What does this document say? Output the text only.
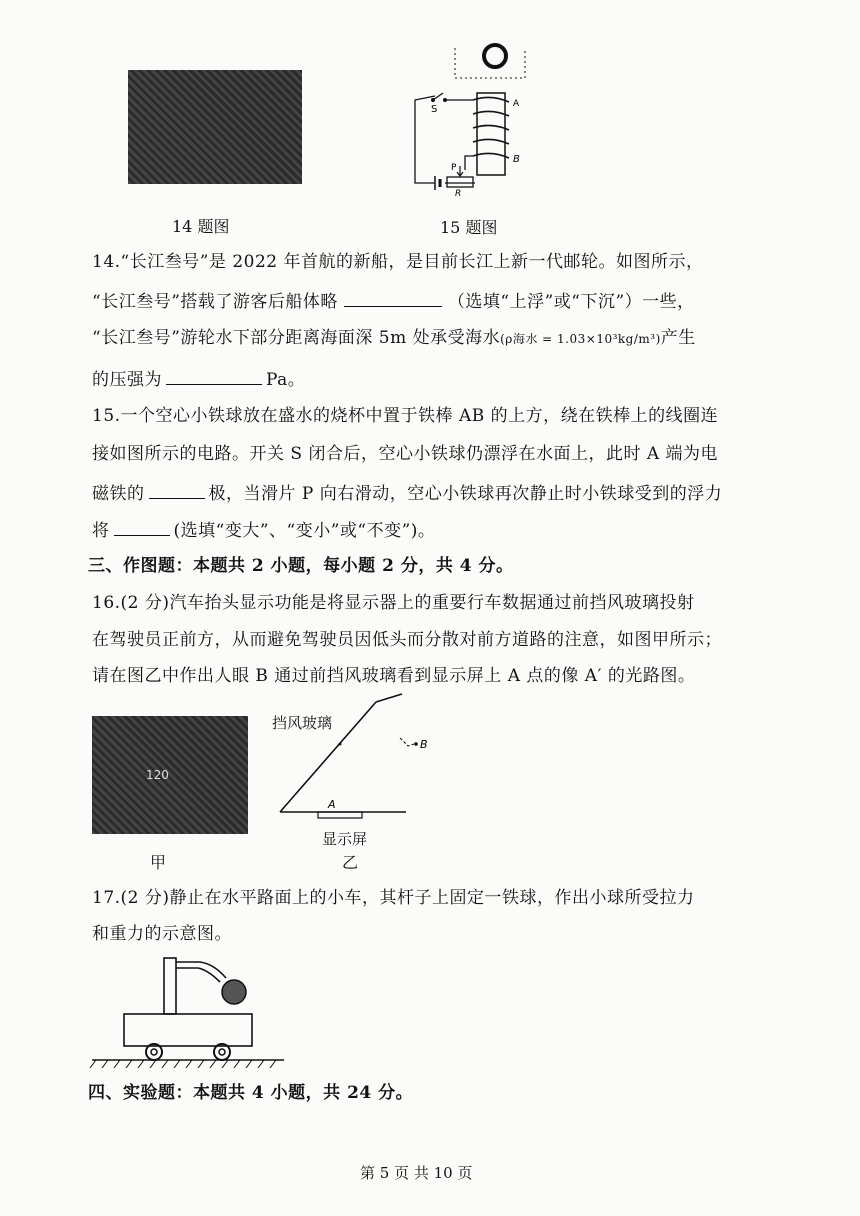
14 题图
S	A
B
P
R
15 题图
14.“长江叁号”是 2022 年首航的新船，是目前长江上新一代邮轮。如图所示，
“长江叁号”搭载了游客后船体略	（选填“上浮”或“下沉”）一些，
“长江叁号”游轮水下部分距离海面深 5m 处承受海水(ρ海水 = 1.03×10³kg/m³)产生
的压强为	Pa。
15.一个空心小铁球放在盛水的烧杯中置于铁棒 AB 的上方，绕在铁棒上的线圈连
接如图所示的电路。开关 S 闭合后，空心小铁球仍漂浮在水面上，此时 A 端为电
磁铁的	极，当滑片 P 向右滑动，空心小铁球再次静止时小铁球受到的浮力
将	(选填“变大”、“变小”或“不变”)。
三、作图题：本题共 2 小题，每小题 2 分，共 4 分。
16.(2 分)汽车抬头显示功能是将显示器上的重要行车数据通过前挡风玻璃投射
在驾驶员正前方，从而避免驾驶员因低头而分散对前方道路的注意，如图甲所示；
请在图乙中作出人眼 B 通过前挡风玻璃看到显示屏上 A 点的像 A′ 的光路图。
120
甲
A
B
挡风玻璃
显示屏
乙
17.(2 分)静止在水平路面上的小车，其杆子上固定一铁球，作出小球所受拉力
和重力的示意图。
四、实验题：本题共 4 小题，共 24 分。
第 5 页 共 10 页
